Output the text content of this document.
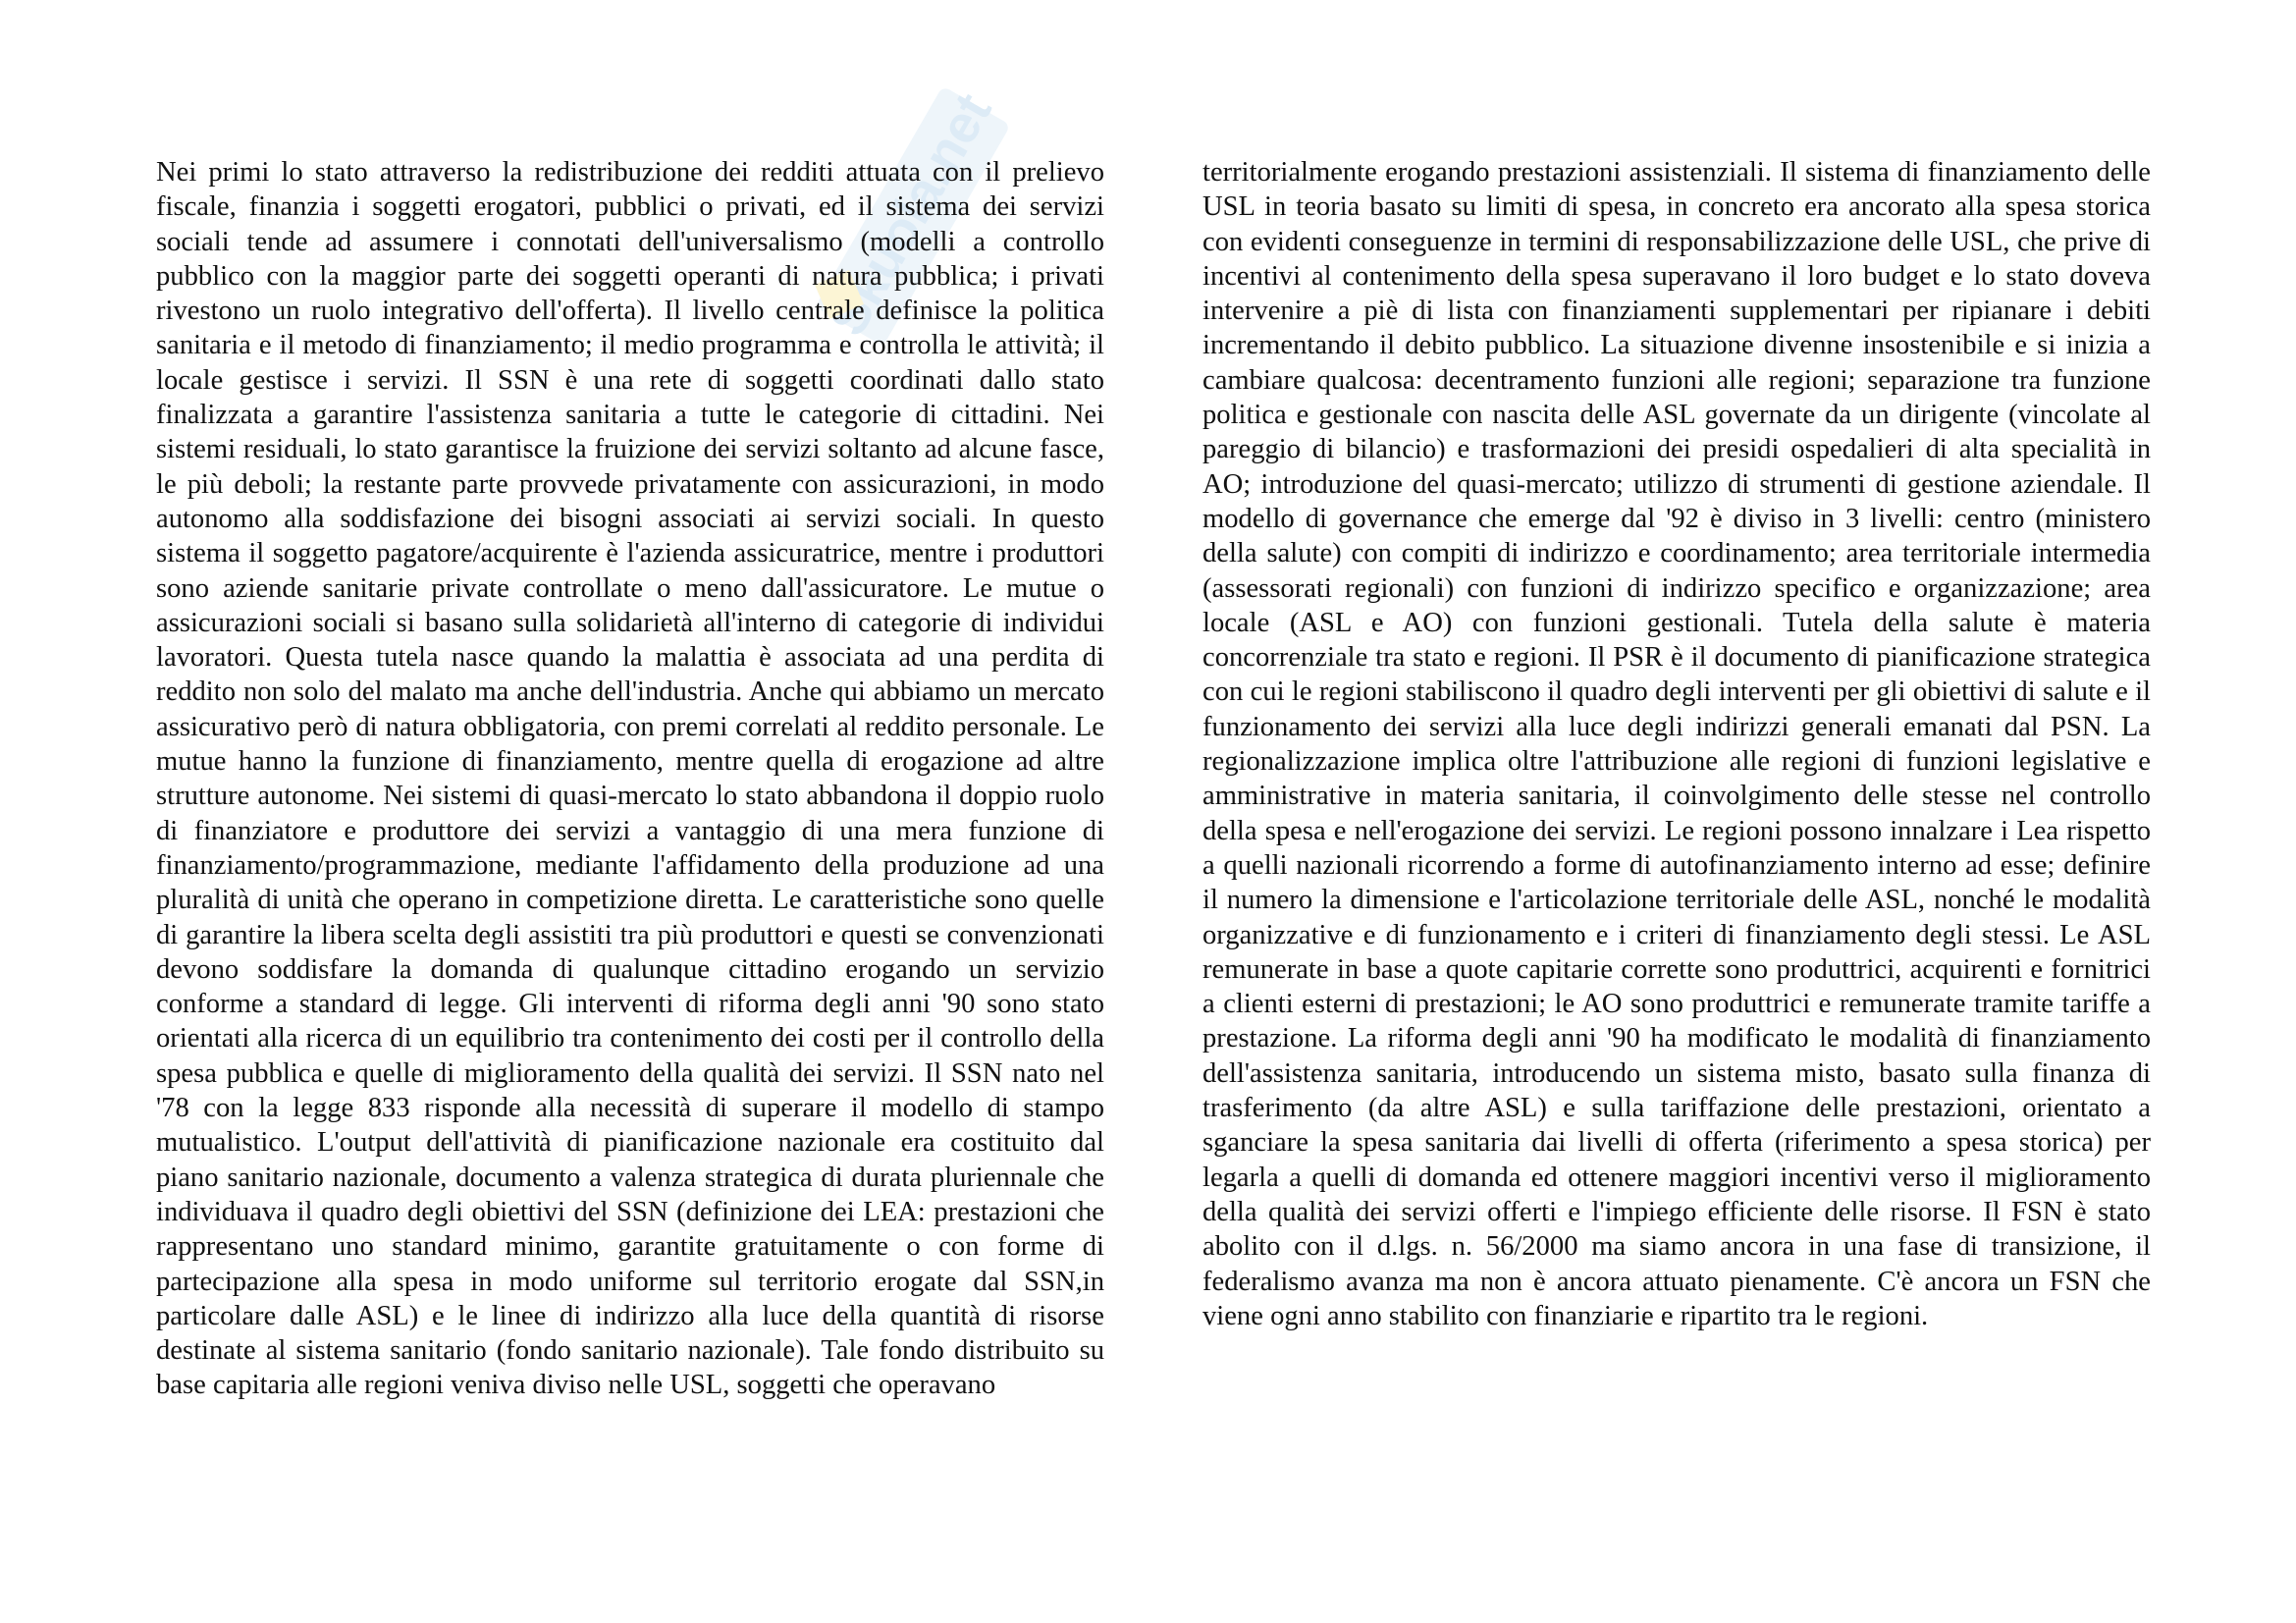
Skuola.net

Nei primi lo stato attraverso la redistribuzione dei redditi attuata con il prelievo fiscale, finanzia i soggetti erogatori, pubblici o privati, ed il sistema dei servizi sociali tende ad assumere i connotati dell'universalismo (modelli a controllo pubblico con la maggior parte dei soggetti operanti di natura pubblica; i privati rivestono un ruolo integrativo dell'offerta). Il livello centrale definisce la politica sanitaria e il metodo di finanziamento; il medio programma e controlla le attività; il locale gestisce i servizi. Il SSN è una rete di soggetti coordinati dallo stato finalizzata a garantire l'assistenza sanitaria a tutte le categorie di cittadini. Nei sistemi residuali, lo stato garantisce la fruizione dei servizi soltanto ad alcune fasce, le più deboli; la restante parte provvede privatamente con assicurazioni, in modo autonomo alla soddisfazione dei bisogni associati ai servizi sociali. In questo sistema il soggetto pagatore/acquirente è l'azienda assicuratrice, mentre i produttori sono aziende sanitarie private controllate o meno dall'assicuratore. Le mutue o assicurazioni sociali si basano sulla solidarietà all'interno di categorie di individui lavoratori. Questa tutela nasce quando la malattia è associata ad una perdita di reddito non solo del malato ma anche dell'industria. Anche qui abbiamo un mercato assicurativo però di natura obbligatoria, con premi correlati al reddito personale. Le mutue hanno la funzione di finanziamento, mentre quella di erogazione ad altre strutture autonome. Nei sistemi di quasi-mercato lo stato abbandona il doppio ruolo di finanziatore e produttore dei servizi a vantaggio di una mera funzione di finanziamento/programmazione, mediante l'affidamento della produzione ad una pluralità di unità che operano in competizione diretta. Le caratteristiche sono quelle di garantire la libera scelta degli assistiti tra più produttori e questi se convenzionati devono soddisfare la domanda di qualunque cittadino erogando un servizio conforme a standard di legge. Gli interventi di riforma degli anni '90 sono stato orientati alla ricerca di un equilibrio tra contenimento dei costi per il controllo della spesa pubblica e quelle di miglioramento della qualità dei servizi. Il SSN nato nel '78 con la legge 833 risponde alla necessità di superare il modello di stampo mutualistico. L'output dell'attività di pianificazione nazionale era costituito dal piano sanitario nazionale, documento a valenza strategica di durata pluriennale che individuava il quadro degli obiettivi del SSN (definizione dei LEA: prestazioni che rappresentano uno standard minimo, garantite gratuitamente o con forme di partecipazione alla spesa in modo uniforme sul territorio erogate dal SSN,in particolare dalle ASL) e le linee di indirizzo alla luce della quantità di risorse destinate al sistema sanitario (fondo sanitario nazionale). Tale fondo distribuito su base capitaria alle regioni veniva diviso nelle USL, soggetti che operavano

territorialmente erogando prestazioni assistenziali. Il sistema di finanziamento delle USL in teoria basato su limiti di spesa, in concreto era ancorato alla spesa storica con evidenti conseguenze in termini di responsabilizzazione delle USL, che prive di incentivi al contenimento della spesa superavano il loro budget e lo stato doveva intervenire a piè di lista con finanziamenti supplementari per ripianare i debiti incrementando il debito pubblico. La situazione divenne insostenibile e si inizia a cambiare qualcosa: decentramento funzioni alle regioni; separazione tra funzione politica e gestionale con nascita delle ASL governate da un dirigente (vincolate al pareggio di bilancio) e trasformazioni dei presidi ospedalieri di alta specialità in AO; introduzione del quasi-mercato; utilizzo di strumenti di gestione aziendale. Il modello di governance che emerge dal '92 è diviso in 3 livelli: centro (ministero della salute) con compiti di indirizzo e coordinamento; area territoriale intermedia (assessorati regionali) con funzioni di indirizzo specifico e organizzazione; area locale (ASL e AO) con funzioni gestionali. Tutela della salute è materia concorrenziale tra stato e regioni. Il PSR è il documento di pianificazione strategica con cui le regioni stabiliscono il quadro degli interventi per gli obiettivi di salute e il funzionamento dei servizi alla luce degli indirizzi generali emanati dal PSN. La regionalizzazione implica oltre l'attribuzione alle regioni di funzioni legislative e amministrative in materia sanitaria, il coinvolgimento delle stesse nel controllo della spesa e nell'erogazione dei servizi. Le regioni possono innalzare i Lea rispetto a quelli nazionali ricorrendo a forme di autofinanziamento interno ad esse; definire il numero la dimensione e l'articolazione territoriale delle ASL, nonché le modalità organizzative e di funzionamento e i criteri di finanziamento degli stessi. Le ASL remunerate in base a quote capitarie corrette sono produttrici, acquirenti e fornitrici a clienti esterni di prestazioni; le AO sono produttrici e remunerate tramite tariffe a prestazione. La riforma degli anni '90 ha modificato le modalità di finanziamento dell'assistenza sanitaria, introducendo un sistema misto, basato sulla finanza di trasferimento (da altre ASL) e sulla tariffazione delle prestazioni, orientato a sganciare la spesa sanitaria dai livelli di offerta (riferimento a spesa storica) per legarla a quelli di domanda ed ottenere maggiori incentivi verso il miglioramento della qualità dei servizi offerti e l'impiego efficiente delle risorse. Il FSN è stato abolito con il d.lgs. n. 56/2000 ma siamo ancora in una fase di transizione, il federalismo avanza ma non è ancora attuato pienamente. C'è ancora un FSN che viene ogni anno stabilito con finanziarie e ripartito tra le regioni.
